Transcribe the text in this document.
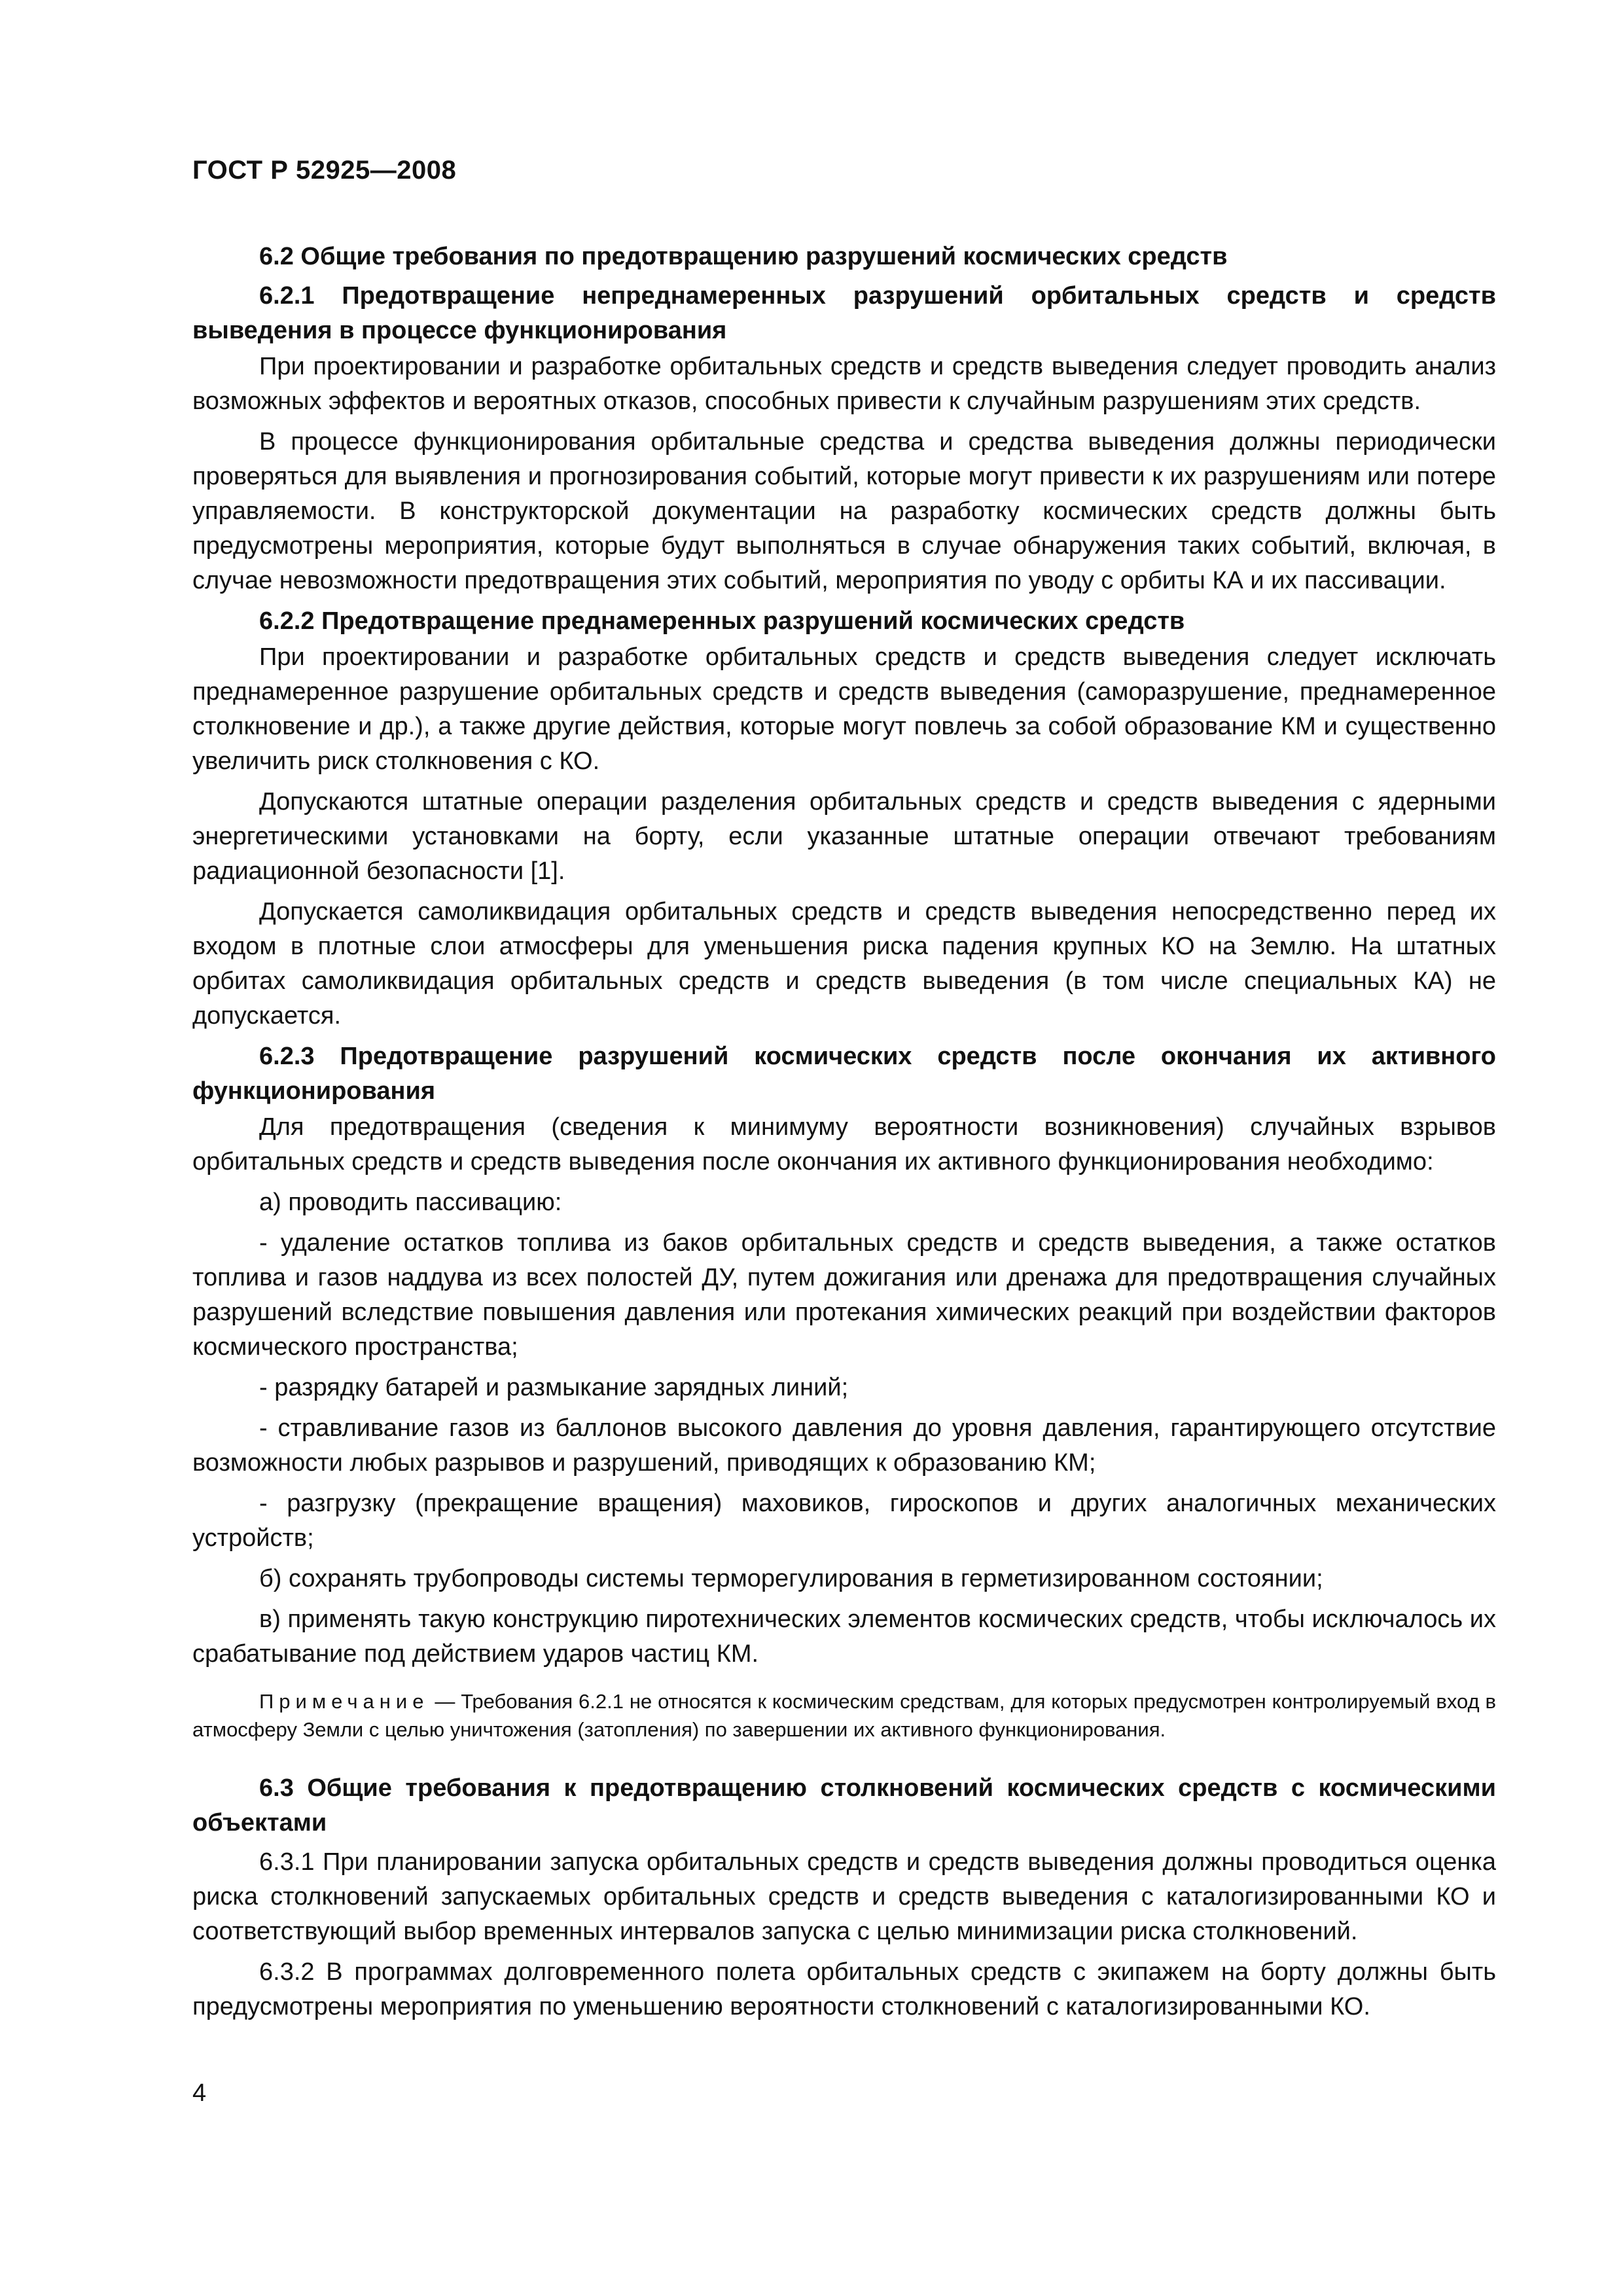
ГОСТ Р 52925—2008
6.2 Общие требования по предотвращению разрушений космических средств
6.2.1 Предотвращение непреднамеренных разрушений орбитальных средств и средств выведения в процессе функционирования

При проектировании и разработке орбитальных средств и средств выведения следует проводить анализ возможных эффектов и вероятных отказов, способных привести к случайным разрушениям этих средств.

В процессе функционирования орбитальные средства и средства выведения должны периодически проверяться для выявления и прогнозирования событий, которые могут привести к их разрушениям или потере управляемости. В конструкторской документации на разработку космических средств должны быть предусмотрены мероприятия, которые будут выполняться в случае обнаружения таких событий, включая, в случае невозможности предотвращения этих событий, мероприятия по уводу с орбиты КА и их пассивации.

6.2.2 Предотвращение преднамеренных разрушений космических средств

При проектировании и разработке орбитальных средств и средств выведения следует исключать преднамеренное разрушение орбитальных средств и средств выведения (саморазрушение, преднамеренное столкновение и др.), а также другие действия, которые могут повлечь за собой образование КМ и существенно увеличить риск столкновения с КО.

Допускаются штатные операции разделения орбитальных средств и средств выведения с ядерными энергетическими установками на борту, если указанные штатные операции отвечают требованиям радиационной безопасности [1].

Допускается самоликвидация орбитальных средств и средств выведения непосредственно перед их входом в плотные слои атмосферы для уменьшения риска падения крупных КО на Землю. На штатных орбитах самоликвидация орбитальных средств и средств выведения (в том числе специальных КА) не допускается.

6.2.3 Предотвращение разрушений космических средств после окончания их активного функционирования

Для предотвращения (сведения к минимуму вероятности возникновения) случайных взрывов орбитальных средств и средств выведения после окончания их активного функционирования необходимо:

а) проводить пассивацию:

- удаление остатков топлива из баков орбитальных средств и средств выведения, а также остатков топлива и газов наддува из всех полостей ДУ, путем дожигания или дренажа для предотвращения случайных разрушений вследствие повышения давления или протекания химических реакций при воздействии факторов космического пространства;

- разрядку батарей и размыкание зарядных линий;

- стравливание газов из баллонов высокого давления до уровня давления, гарантирующего отсутствие возможности любых разрывов и разрушений, приводящих к образованию КМ;

- разгрузку (прекращение вращения) маховиков, гироскопов и других аналогичных механических устройств;

б) сохранять трубопроводы системы терморегулирования в герметизированном состоянии;

в) применять такую конструкцию пиротехнических элементов космических средств, чтобы исключалось их срабатывание под действием ударов частиц КМ.

Примечание — Требования 6.2.1 не относятся к космическим средствам, для которых предусмотрен контролируемый вход в атмосферу Земли с целью уничтожения (затопления) по завершении их активного функционирования.

6.3 Общие требования к предотвращению столкновений космических средств с космическими объектами

6.3.1 При планировании запуска орбитальных средств и средств выведения должны проводиться оценка риска столкновений запускаемых орбитальных средств и средств выведения с каталогизированными КО и соответствующий выбор временных интервалов запуска с целью минимизации риска столкновений.

6.3.2 В программах долговременного полета орбитальных средств с экипажем на борту должны быть предусмотрены мероприятия по уменьшению вероятности столкновений с каталогизированными КО.

4
